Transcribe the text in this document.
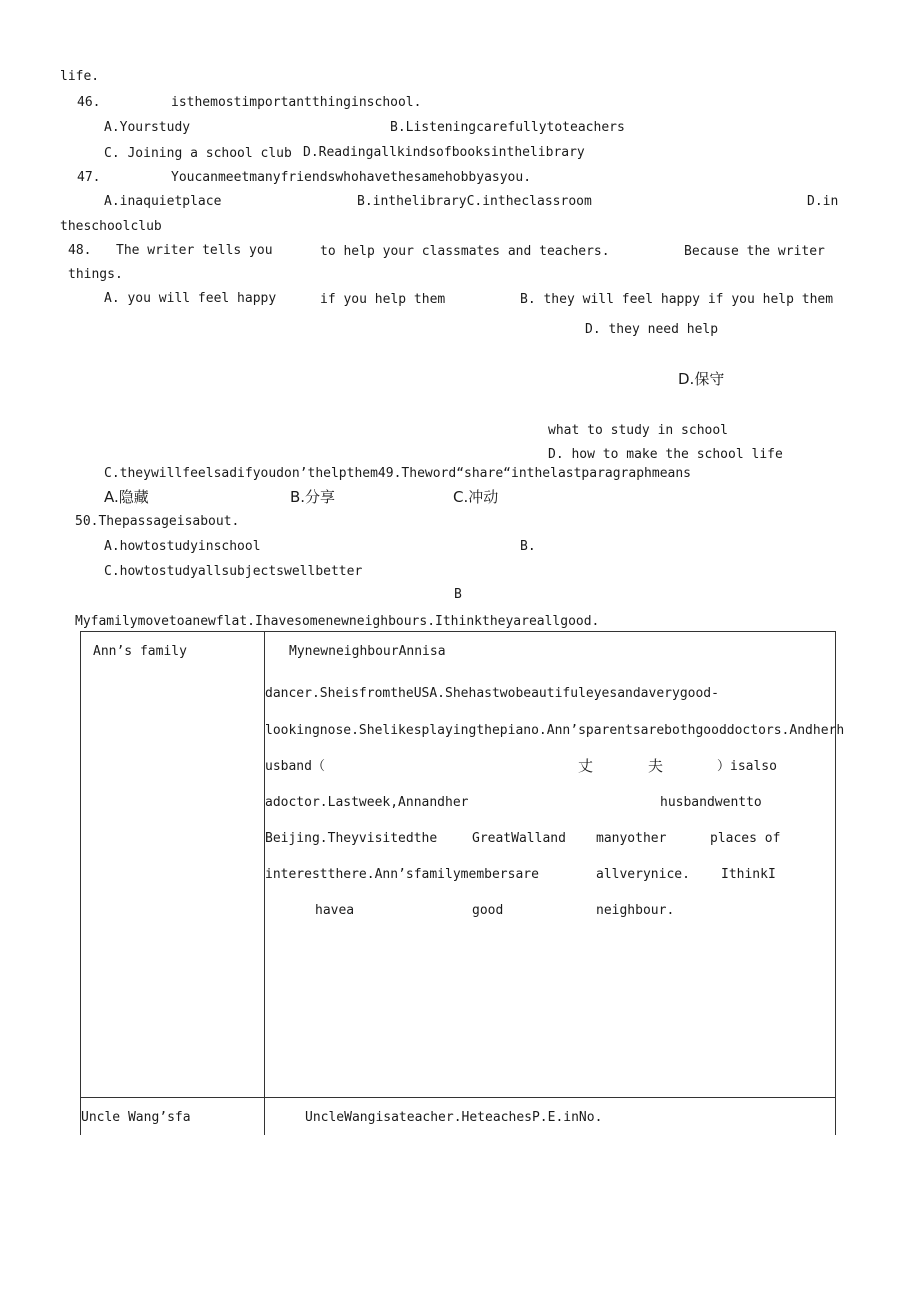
life.
46.	isthemostimportantthinginschool.
A.Yourstudy	B.Listeningcarefullytoteachers
C. Joining a school club D.Readingallkindsofbooksinthelibrary
47.	Youcanmeetmanyfriendswhohavethesamehobbyasyou.
A.inaquietplace	B.inthelibraryC.intheclassroom	D.in
theschoolclub
48. The writer tells you	to help your classmates and teachers.	Because the writer
things.
A. you will feel happy	if you help them	B. they will feel happy if you help them
D. they need help
D.保守
what to study in school
D. how to make the school life
C.theywillfeelsadifyoudon’thelpthem49.Theword“share“inthelastparagraphmeans
A.隐藏	B.分享	C.冲动
50.Thepassageisabout.
A.howtostudyinschool	B.
C.howtostudyallsubjectswellbetter
B
Myfamilymovetoanewflat.Ihavesomenewneighbours.Ithinktheyareallgood.
Ann’s family	MynewneighbourAnnisa
dancer.SheisfromtheUSA.Shehastwobeautifuleyesandaverygood-
lookingnose.Shelikesplayingthepiano.Ann’sparentsarebothgooddoctors.Andherh
usband（	丈	夫	）isalso
adoctor.Lastweek,Annandher	husbandwentto
Beijing.Theyvisitedthe	GreatWalland manyother	places of
interestthere.Ann’sfamilymembersare	allverynice. IthinkI
havea	good	neighbour.
Uncle Wang’sfa	UncleWangisateacher.HeteachesP.E.inNo.
